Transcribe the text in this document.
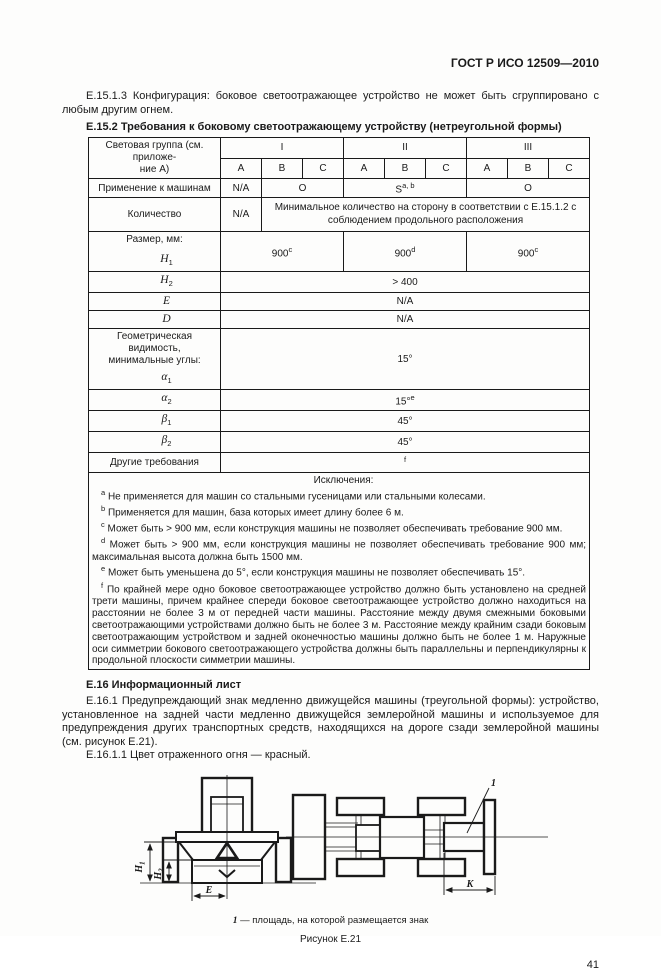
ГОСТ Р ИСО 12509—2010

Е.15.1.3 Конфигурация: боковое светоотражающее устройство не может быть сгруппировано с любым другим огнем.

Е.15.2 Требования к боковому светоотражающему устройству (нетреугольной формы)

Световая группа (см. приложе-
ние А)	I			II			III		
	A	B	C	A	B	C	A	B	C
Применение к машинам	N/A	O		S$^{a, b}$			O		
Количество	N/A	Минимальное количество на сторону в соответствии с Е.15.1.2 с соблюдением продольного расположения							

Размер, мм:
$H_1$	900$^c$			900$^d$			900$^c$

$H_2$	> 400								

E	N/A								

D	N/A								

Геометрическая видимость,
минимальные углы:
$\alpha_1$	15°								

$\alpha_2$	15°$^e$

$\beta_1$	45°								

$\beta_2$	45°								
Другие требования	$^f$

Исключения:

$^a$ Не применяется для машин со стальными гусеницами или стальными колесами.

$^b$ Применяется для машин, база которых имеет длину более 6 м.

$^c$ Может быть > 900 мм, если конструкция машины не позволяет обеспечивать требование 900 мм.

$^d$ Может быть > 900 мм, если конструкция машины не позволяет обеспечивать требование 900 мм; максимальная высота должна быть 1500 мм.

$^e$ Может быть уменьшена до 5°, если конструкция машины не позволяет обеспечивать 15°.

$^f$ По крайней мере одно боковое светоотражающее устройство должно быть установлено на средней трети машины, причем крайнее спереди боковое светоотражающее устройство должно находиться на расстоянии не более 3 м от передней части машины. Расстояние между двумя смежными боковыми светоотражающими устройствами должно быть не более 3 м. Расстояние между крайним сзади боковым светоотражающим устройством и задней оконечностью машины должно быть не более 1 м. Наружные оси симметрии бокового светоотражающего устройства должны быть параллельны и перпендикулярны к продольной плоскости симметрии машины.

Е.16 Информационный лист

Е.16.1 Предупреждающий знак медленно движущейся машины (треугольной формы): устройство, установленное на задней части медленно движущейся землеройной машины и используемое для предупреждения других транспортных средств, находящихся на дороге сзади землеройной машины (см. рисунок Е.21).

Е.16.1.1 Цвет отраженного огня — красный.

$H_1$
$H_2$
E
1
K

1 — площадь, на которой размещается знак

Рисунок Е.21

41
